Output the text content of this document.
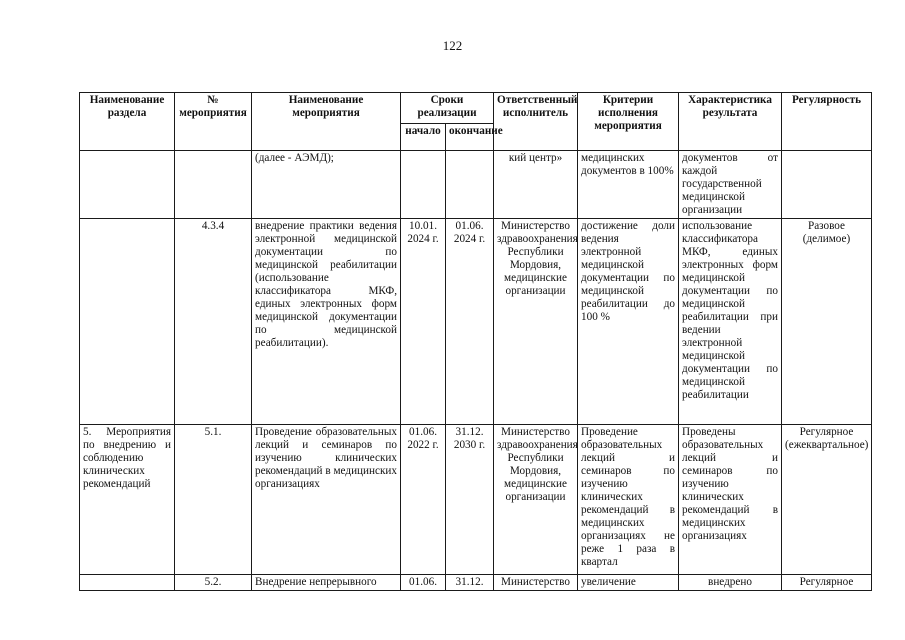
122
Наименование раздела	№ мероприятия	Наименование мероприятия	Сроки реализации		Ответственный исполнитель	Критерии исполнения мероприятия	Характеристика результата	Регулярность
			начало	окончание				
		(далее - АЭМД);			кий центр»	медицинских документов в 100%	документов от каждой государственной медицинской организации	
	4.3.4	внедрение практики ведения электронной медицинской документации по медицинской реабилитации (использование классификатора МКФ, единых электронных форм медицинской документации по медицинской реабилитации).	10.01. 2024 г.	01.06. 2024 г.	Министерство здравоохранения Республики Мордовия, медицинские организации	достижение доли ведения электронной медицинской документации по медицинской реабилитации до 100 %	использование классификатора МКФ, единых электронных форм медицинской документации по медицинской реабилитации при ведении электронной медицинской документации по медицинской реабилитации	Разовое (делимое)
5. Мероприятия по внедрению и соблюдению клинических рекомендаций	5.1.	Проведение образовательных лекций и семинаров по изучению клинических рекомендаций в медицинских организациях	01.06. 2022 г.	31.12. 2030 г.	Министерство здравоохранения Республики Мордовия, медицинские организации	Проведение образовательных лекций и семинаров по изучению клинических рекомендаций в медицинских организациях не реже 1 раза в квартал	Проведены образовательных лекций и семинаров по изучению клинических рекомендаций в медицинских организациях	Регулярное (ежеквартальное)
	5.2.	Внедрение непрерывного	01.06.	31.12.	Министерство	увеличение	внедрено	Регулярное
